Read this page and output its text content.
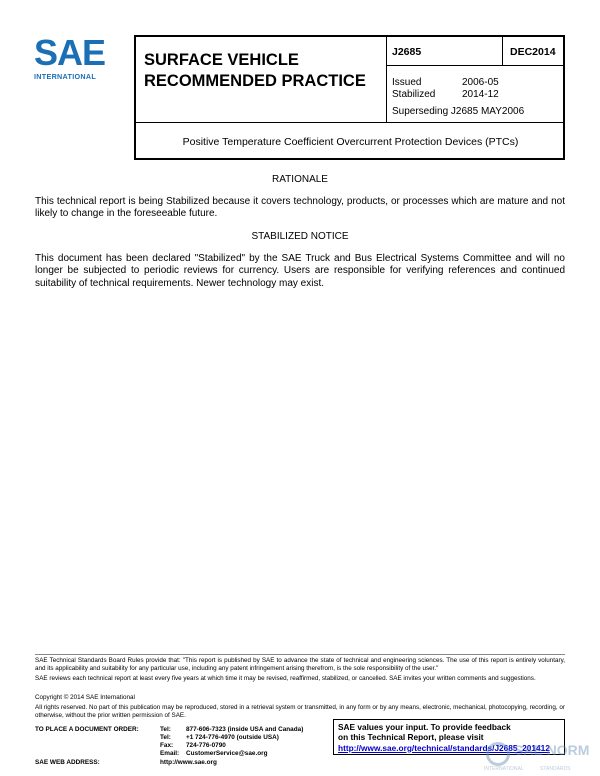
SAE
INTERNATIONAL
SURFACE VEHICLE
RECOMMENDED PRACTICE
J2685	DEC2014
Issued	2006-05
Stabilized	2014-12
Superseding J2685 MAY2006
Positive Temperature Coefficient Overcurrent Protection Devices (PTCs)
RATIONALE
This technical report is being Stabilized because it covers technology, products, or processes which are mature and not likely to change in the foreseeable future.
STABILIZED NOTICE
This document has been declared "Stabilized" by the SAE Truck and Bus Electrical Systems Committee and will no longer be subjected to periodic reviews for currency. Users are responsible for verifying references and continued suitability of technical requirements. Newer technology may exist.
SAE Technical Standards Board Rules provide that: "This report is published by SAE to advance the state of technical and engineering sciences. The use of this report is entirely voluntary, and its applicability and suitability for any particular use, including any patent infringement arising therefrom, is the sole responsibility of the user."
SAE reviews each technical report at least every five years at which time it may be revised, reaffirmed, stabilized, or cancelled. SAE invites your written comments and suggestions.
Copyright © 2014 SAE International
All rights reserved. No part of this publication may be reproduced, stored in a retrieval system or transmitted, in any form or by any means, electronic, mechanical, photocopying, recording, or otherwise, without the prior written permission of SAE.
TO PLACE A DOCUMENT ORDER:	Tel:	877-606-7323 (inside USA and Canada)
Tel:	+1 724-776-4970 (outside USA)
Fax:	724-776-0790
Email:	CustomerService@sae.org
SAE WEB ADDRESS:	http://www.sae.org
SAE values your input. To provide feedback
on this Technical Report, please visit
http://www.sae.org/technical/standards/J2685_201412
SAE NORM
INTERNATIONAL	STANDARDS
